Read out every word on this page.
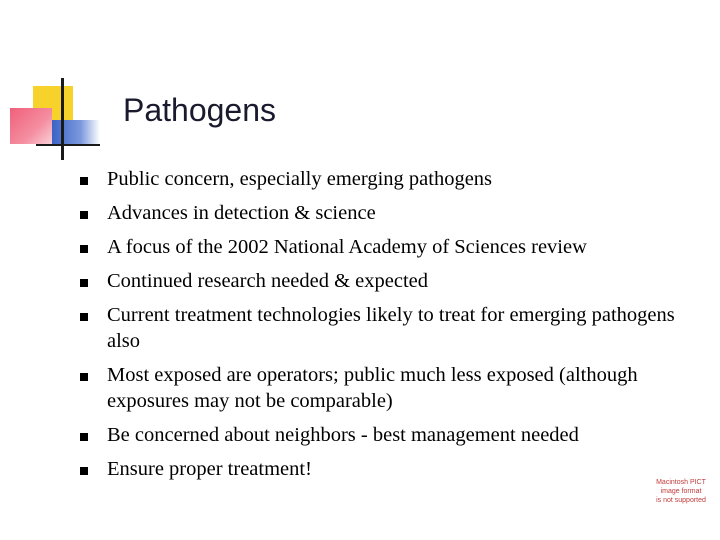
Pathogens
Public concern, especially emerging pathogens
Advances in detection & science
A focus of the 2002 National Academy of Sciences review
Continued research needed & expected
Current treatment technologies likely to treat for emerging pathogens also
Most exposed are operators; public much less exposed (although exposures may not be comparable)
Be concerned about neighbors - best management needed
Ensure proper treatment!
Macintosh PICT
image format
is not supported
